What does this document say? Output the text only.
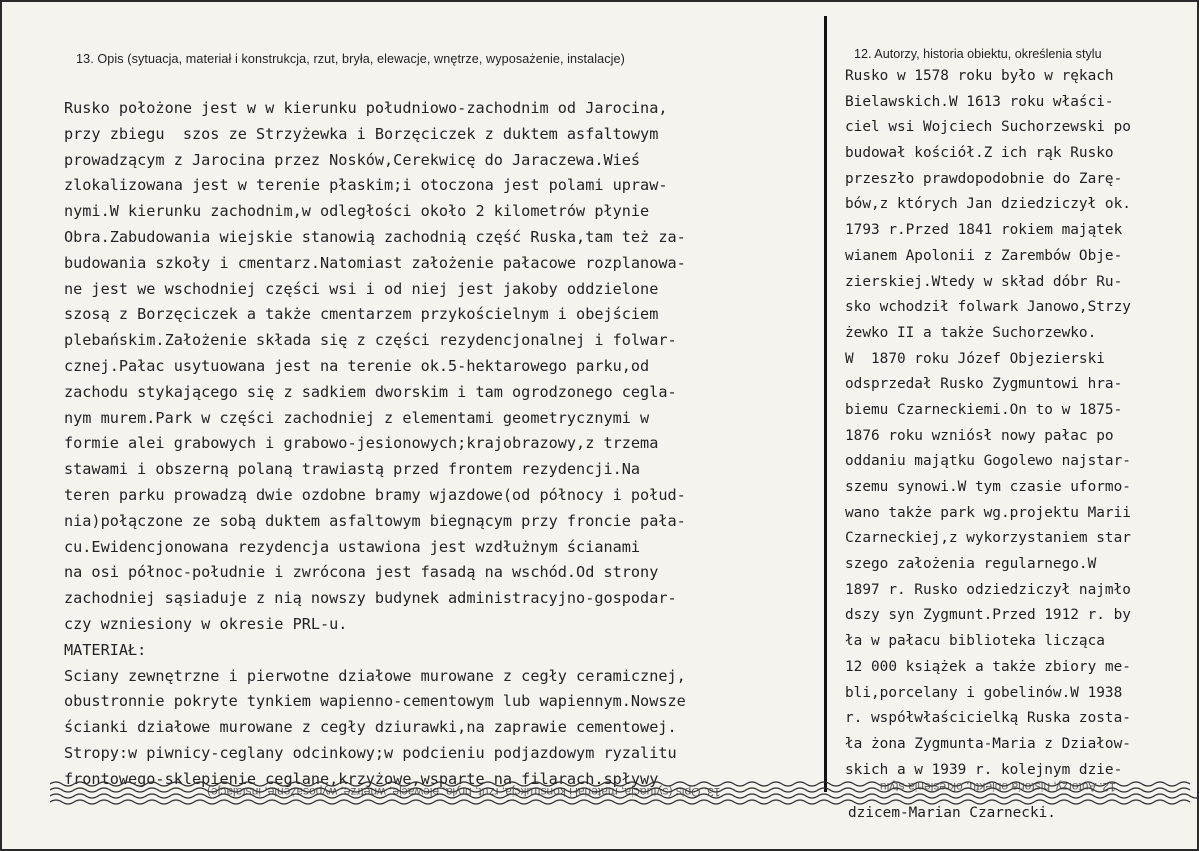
13. Opis (sytuacja, materiał i konstrukcja, rzut, bryła, elewacje, wnętrze, wyposażenie, instalacje)	12. Autorzy, historia obiektu, określenia stylu
Rusko położone jest w w kierunku południowo-zachodnim od Jarocina,
przy zbiegu  szos ze Strzyżewka i Borzęciczek z duktem asfaltowym
prowadzącym z Jarocina przez Nosków,Cerekwicę do Jaraczewa.Wieś
zlokalizowana jest w terenie płaskim;i otoczona jest polami upraw-
nymi.W kierunku zachodnim,w odległości około 2 kilometrów płynie
Obra.Zabudowania wiejskie stanowią zachodnią część Ruska,tam też za-
budowania szkoły i cmentarz.Natomiast założenie pałacowe rozplanowa-
ne jest we wschodniej części wsi i od niej jest jakoby oddzielone
szosą z Borzęciczek a także cmentarzem przykościelnym i obejściem
plebańskim.Założenie składa się z części rezydencjonalnej i folwar-
cznej.Pałac usytuowana jest na terenie ok.5-hektarowego parku,od
zachodu stykającego się z sadkiem dworskim i tam ogrodzonego cegla-
nym murem.Park w części zachodniej z elementami geometrycznymi w
formie alei grabowych i grabowo-jesionowych;krajobrazowy,z trzema
stawami i obszerną polaną trawiastą przed frontem rezydencji.Na
teren parku prowadzą dwie ozdobne bramy wjazdowe(od północy i połud-
nia)połączone ze sobą duktem asfaltowym biegnącym przy froncie pała-
cu.Ewidencjonowana rezydencja ustawiona jest wzdłużnym ścianami
na osi północ-południe i zwrócona jest fasadą na wschód.Od strony
zachodniej sąsiaduje z nią nowszy budynek administracyjno-gospodar-
czy wzniesiony w okresie PRL-u.
MATERIAŁ:
Sciany zewnętrzne i pierwotne działowe murowane z cegły ceramicznej,
obustronnie pokryte tynkiem wapienno-cementowym lub wapiennym.Nowsze
ścianki działowe murowane z cegły dziurawki,na zaprawie cementowej.
Stropy:w piwnicy-ceglany odcinkowy;w podcieniu podjazdowym ryzalitu
frontowego-sklepienie ceglane,krzyżowe,wsparte na filarach.spływy
Rusko w 1578 roku było w rękach
Bielawskich.W 1613 roku właści-
ciel wsi Wojciech Suchorzewski po
budował kościół.Z ich rąk Rusko
przeszło prawdopodobnie do Zarę-
bów,z których Jan dziedziczył ok.
1793 r.Przed 1841 rokiem majątek
wianem Apolonii z Zarembów Obje-
zierskiej.Wtedy w skład dóbr Ru-
sko wchodził folwark Janowo,Strzy
żewko II a także Suchorzewko.
W  1870 roku Józef Objezierski
odsprzedał Rusko Zygmuntowi hra-
biemu Czarneckiemi.On to w 1875-
1876 roku wzniósł nowy pałac po
oddaniu majątku Gogolewo najstar-
szemu synowi.W tym czasie uformo-
wano także park wg.projektu Marii
Czarneckiej,z wykorzystaniem star
szego założenia regularnego.W
1897 r. Rusko odziedziczył najmło
dszy syn Zygmunt.Przed 1912 r. by
ła w pałacu biblioteka licząca
12 000 książek a także zbiory me-
bli,porcelany i gobelinów.W 1938
r. współwłaścicielką Ruska zosta-
ła żona Zygmunta-Maria z Działow-
skich a w 1939 r. kolejnym dzie-
13. Opis (sytuacja, materiał i konstrukcja, rzut, bryła, elewacje, wnętrze, wyposażenie, instalacje)	12. Autorzy, historia obiektu, określenia stylu
dzicem-Marian Czarnecki.
